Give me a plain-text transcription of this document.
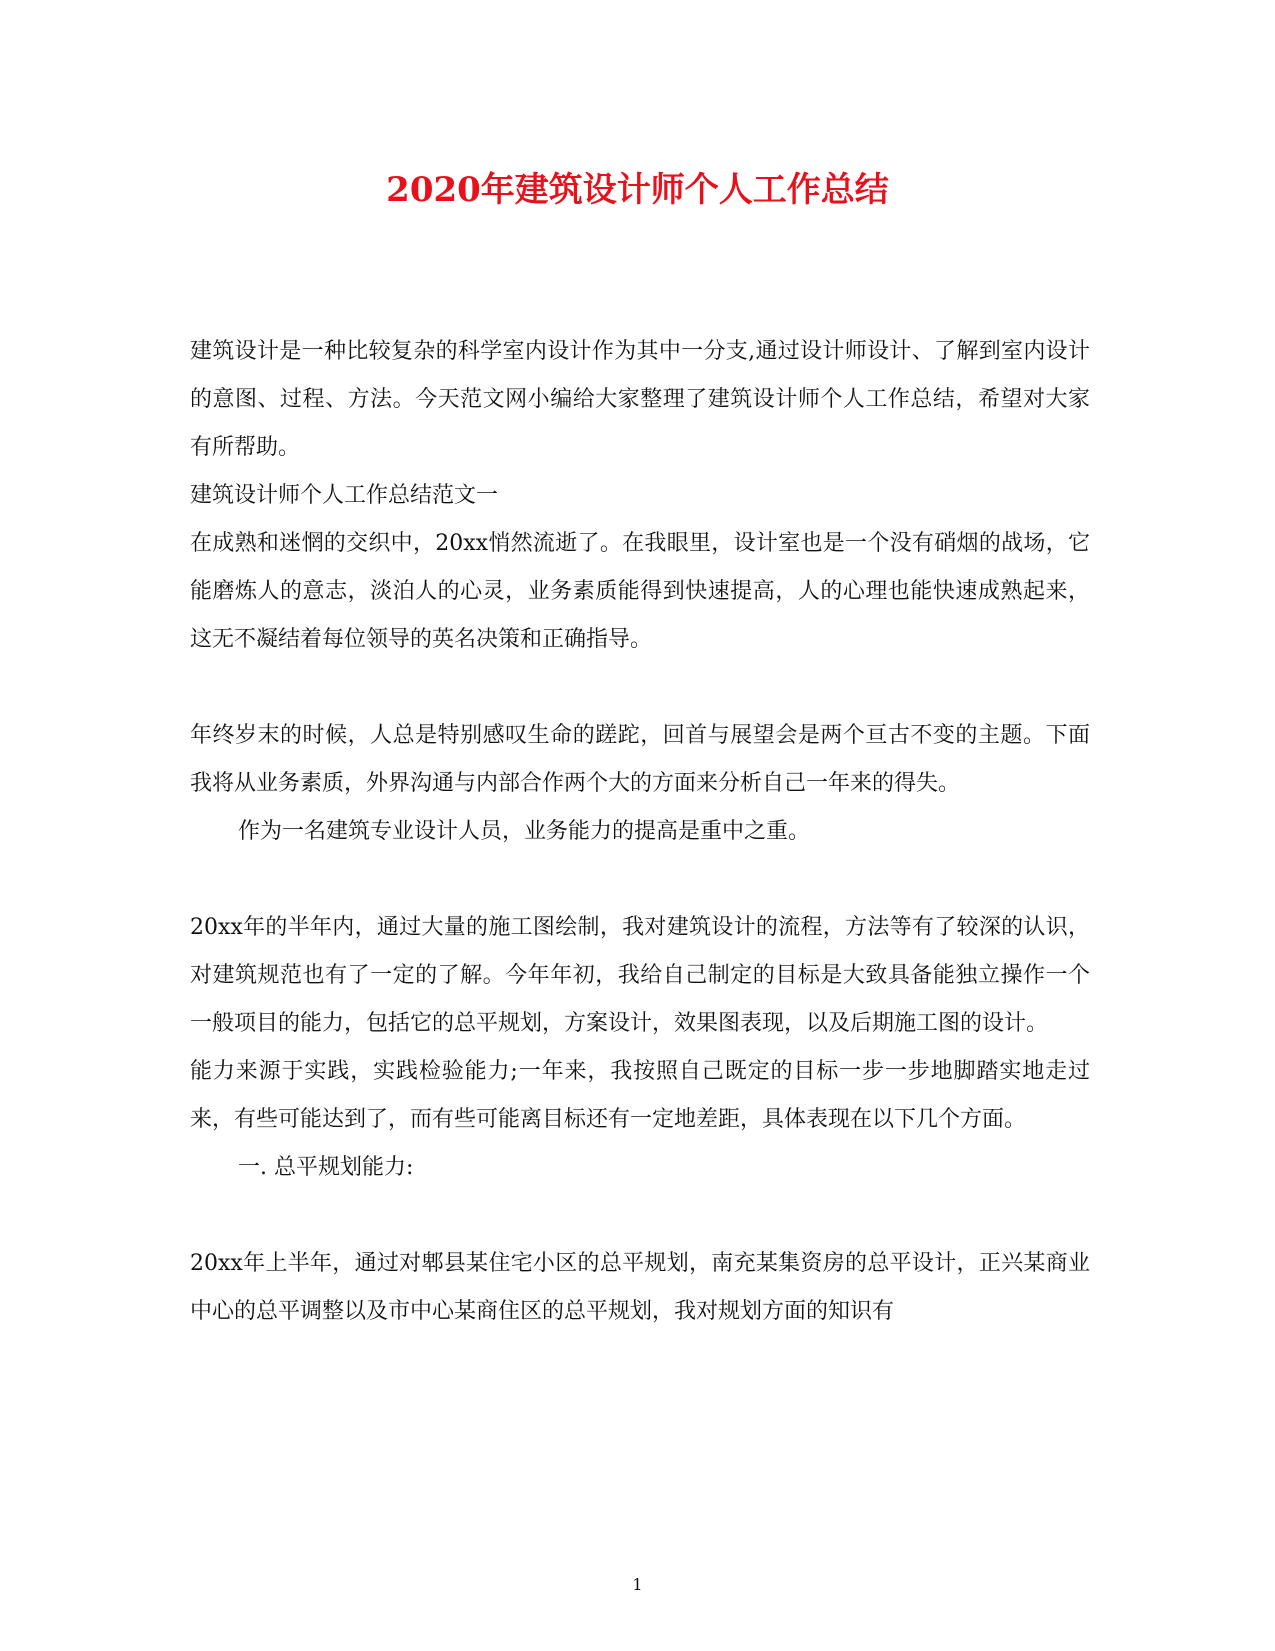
2020年建筑设计师个人工作总结

建筑设计是一种比较复杂的科学室内设计作为其中一分支,通过设计师设计、了解到室内设计的意图、过程、方法。今天范文网小编给大家整理了建筑设计师个人工作总结，希望对大家有所帮助。

建筑设计师个人工作总结范文一

在成熟和迷惘的交织中，20xx悄然流逝了。在我眼里，设计室也是一个没有硝烟的战场，它能磨炼人的意志，淡泊人的心灵，业务素质能得到快速提高，人的心理也能快速成熟起来，这无不凝结着每位领导的英名决策和正确指导。

年终岁末的时候，人总是特别感叹生命的蹉跎，回首与展望会是两个亘古不变的主题。下面我将从业务素质，外界沟通与内部合作两个大的方面来分析自己一年来的得失。

作为一名建筑专业设计人员，业务能力的提高是重中之重。

20xx年的半年内，通过大量的施工图绘制，我对建筑设计的流程，方法等有了较深的认识，对建筑规范也有了一定的了解。今年年初，我给自己制定的目标是大致具备能独立操作一个一般项目的能力，包括它的总平规划，方案设计，效果图表现，以及后期施工图的设计。

能力来源于实践，实践检验能力;一年来，我按照自己既定的目标一步一步地脚踏实地走过来，有些可能达到了，而有些可能离目标还有一定地差距，具体表现在以下几个方面。

一. 总平规划能力:

20xx年上半年，通过对郫县某住宅小区的总平规划，南充某集资房的总平设计，正兴某商业中心的总平调整以及市中心某商住区的总平规划，我对规划方面的知识有

1
